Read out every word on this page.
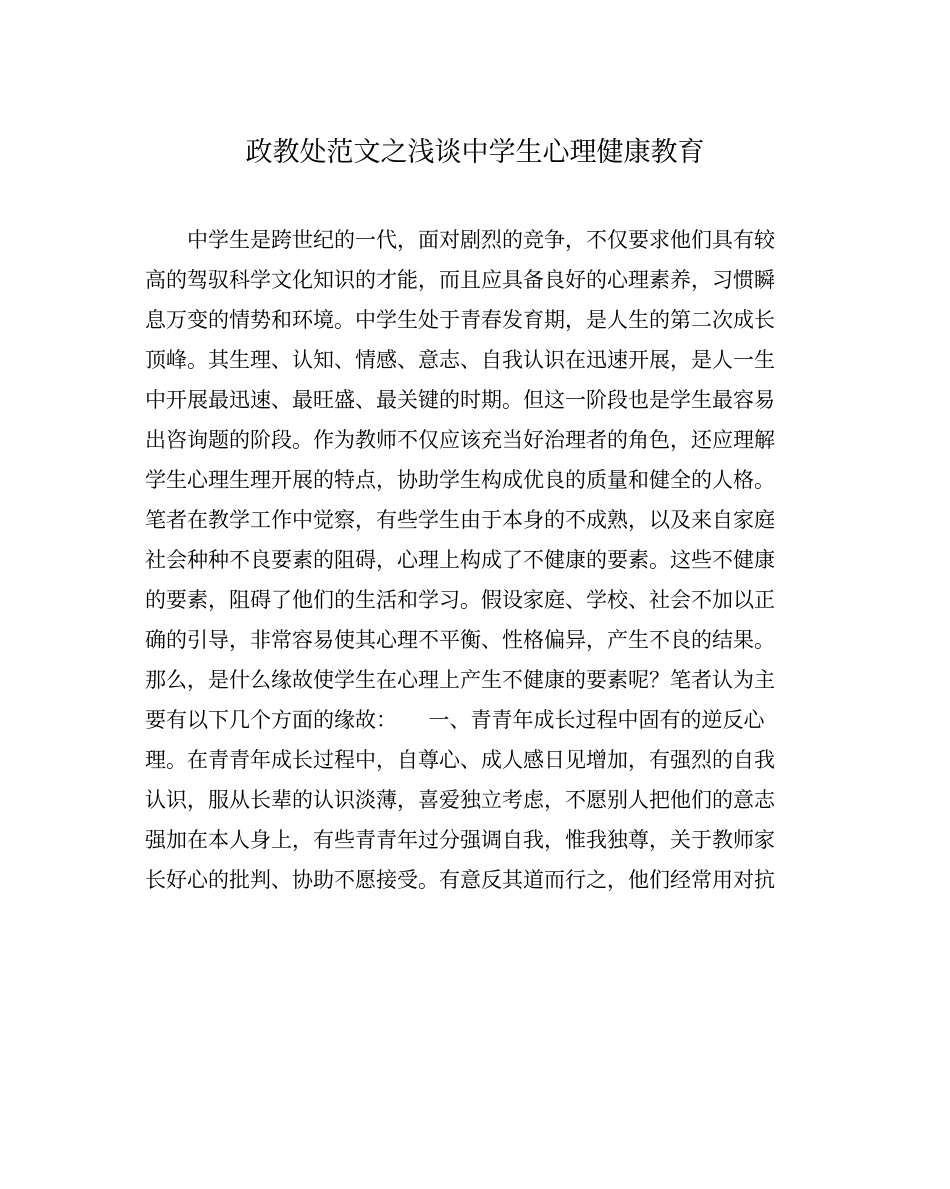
政教处范文之浅谈中学生心理健康教育
　　中学生是跨世纪的一代，面对剧烈的竞争，不仅要求他们具有较
高的驾驭科学文化知识的才能，而且应具备良好的心理素养，习惯瞬
息万变的情势和环境。中学生处于青春发育期，是人生的第二次成长
顶峰。其生理、认知、情感、意志、自我认识在迅速开展，是人一生
中开展最迅速、最旺盛、最关键的时期。但这一阶段也是学生最容易
出咨询题的阶段。作为教师不仅应该充当好治理者的角色，还应理解
学生心理生理开展的特点，协助学生构成优良的质量和健全的人格。
笔者在教学工作中觉察，有些学生由于本身的不成熟，以及来自家庭
社会种种不良要素的阻碍，心理上构成了不健康的要素。这些不健康
的要素，阻碍了他们的生活和学习。假设家庭、学校、社会不加以正
确的引导，非常容易使其心理不平衡、性格偏异，产生不良的结果。
那么，是什么缘故使学生在心理上产生不健康的要素呢？笔者认为主
要有以下几个方面的缘故：　　一、青青年成长过程中固有的逆反心
理。在青青年成长过程中，自尊心、成人感日见增加，有强烈的自我
认识，服从长辈的认识淡薄，喜爱独立考虑，不愿别人把他们的意志
强加在本人身上，有些青青年过分强调自我，惟我独尊，关于教师家
长好心的批判、协助不愿接受。有意反其道而行之，他们经常用对抗
